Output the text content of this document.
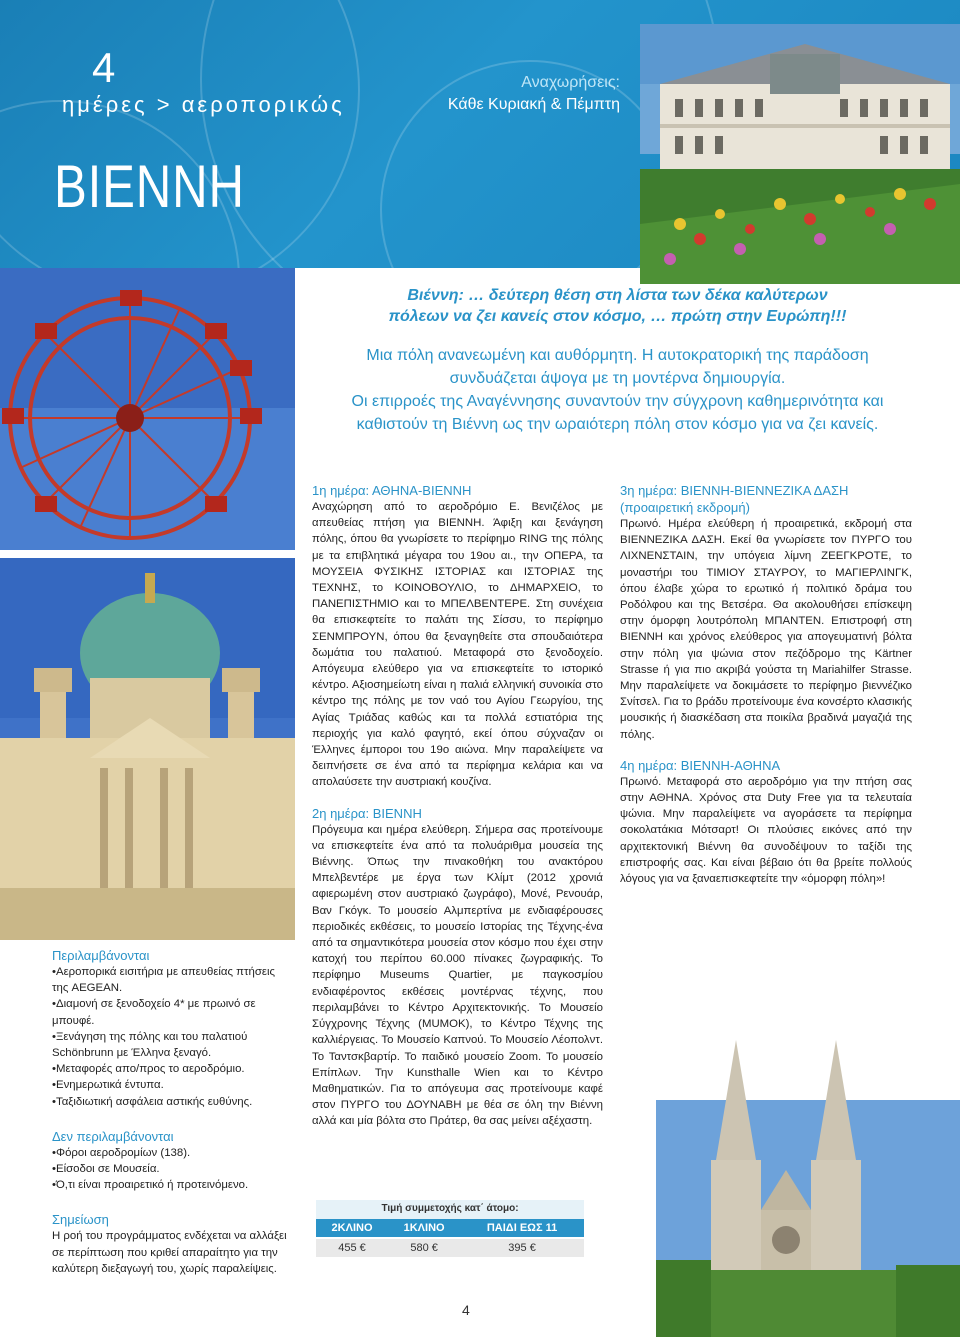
4
ημέρες > αεροπορικώς
Αναχωρήσεις:
Κάθε Κυριακή & Πέμπτη
ΒΙΕΝΝΗ
Βιέννη: … δεύτερη θέση στη λίστα των δέκα καλύτερων
πόλεων να ζει κανείς στον κόσμο, … πρώτη στην Ευρώπη!!!
Μια πόλη ανανεωμένη και αυθόρμητη. Η αυτοκρατορική της παράδοση
συνδυάζεται άψογα με τη μοντέρνα δημιουργία.
Οι επιρροές της Αναγέννησης συναντούν την σύγχρονη καθημερινότητα και
καθιστούν τη Βιέννη ως την ωραιότερη πόλη στον κόσμο για να ζει κανείς.
1η ημέρα: ΑΘΗΝΑ-ΒΙΕΝΝΗ

Αναχώρηση από το αεροδρόμιο Ε. Βενιζέλος με απευθείας πτήση για ΒΙΕΝΝΗ. Άφιξη και ξενάγηση πόλης, όπου θα γνωρίσετε το περίφημο RING της πόλης με τα επιβλητικά μέγαρα του 19ου αι., την ΟΠΕΡΑ, τα ΜΟΥΣΕΙΑ ΦΥΣΙΚΗΣ ΙΣΤΟΡΙΑΣ και ΙΣΤΟΡΙΑΣ της ΤΕΧΝΗΣ, το ΚΟΙΝΟΒΟΥΛΙΟ, το ΔΗΜΑΡΧΕΙΟ, το ΠΑΝΕΠΙΣΤΗΜΙΟ και το ΜΠΕΛΒΕΝΤΕΡΕ. Στη συνέχεια θα επισκεφτείτε το παλάτι της Σίσσυ, το περίφημο ΣΕΝΜΠΡΟΥΝ, όπου θα ξεναγηθείτε στα σπουδαιότερα δωμάτια του παλατιού. Μεταφορά στο ξενοδοχείο. Απόγευμα ελεύθερο για να επισκεφτείτε το ιστορικό κέντρο. Αξιοσημείωτη είναι η παλιά ελληνική συνοικία στο κέντρο της πόλης με τον ναό του Αγίου Γεωργίου, της Αγίας Τριάδας καθώς και τα πολλά εστιατόρια της περιοχής για καλό φαγητό, εκεί όπου σύχναζαν οι Έλληνες έμποροι του 19ο αιώνα. Μην παραλείψετε να δειπνήσετε σε ένα από τα περίφημα κελάρια και να απολαύσετε την αυστριακή κουζίνα.

2η ημέρα: ΒΙΕΝΝΗ

Πρόγευμα και ημέρα ελεύθερη. Σήμερα σας προτείνουμε να επισκεφτείτε ένα από τα πολυάριθμα μουσεία της Βιέννης. Όπως την πινακοθήκη του ανακτόρου Μπελβεντέρε με έργα των Κλίμτ (2012 χρονιά αφιερωμένη στον αυστριακό ζωγράφο), Μονέ, Ρενουάρ, Βαν Γκόγκ. Το μουσείο Αλμπερτίνα με ενδιαφέρουσες περιοδικές εκθέσεις, το μουσείο Ιστορίας της Τέχνης-ένα από τα σημαντικότερα μουσεία στον κόσμο που έχει στην κατοχή του περίπου 60.000 πίνακες ζωγραφικής. Το περίφημο Museums Quartier, με παγκοσμίου ενδιαφέροντος εκθέσεις μοντέρνας τέχνης, που περιλαμβάνει το Κέντρο Αρχιτεκτονικής. Το Μουσείο Σύγχρονης Τέχνης (MUMOK), το Κέντρο Τέχνης της καλλιέργειας. Το Μουσείο Καπνού. Το Μουσείο Λέοπολντ. Το Ταντσκβαρτίρ. Το παιδικό μουσείο Zoom. Το μουσείο Επίπλων. Την Kunsthalle Wien και το Κέντρο Μαθηματικών. Για το απόγευμα σας προτείνουμε καφέ στον ΠΥΡΓΟ του ΔΟΥΝΑΒΗ με θέα σε όλη την Βιέννη αλλά και μία βόλτα στο Πράτερ, θα σας μείνει αξέχαστη.

3η ημέρα: ΒΙΕΝΝΗ-ΒΙΕΝΝΕΖΙΚΑ ΔΑΣΗ
(προαιρετική εκδρομή)

Πρωινό. Ημέρα ελεύθερη ή προαιρετικά, εκδρομή στα ΒΙΕΝΝΕΖΙΚΑ ΔΑΣΗ. Εκεί θα γνωρίσετε τον ΠΥΡΓΟ του ΛΙΧΝΕΝΣΤΑΙΝ, την υπόγεια λίμνη ΖΕΕΓΚΡΟΤΕ, το μοναστήρι του ΤΙΜΙΟΥ ΣΤΑΥΡΟΥ, το ΜΑΓΙΕΡΛΙΝΓΚ, όπου έλαβε χώρα το ερωτικό ή πολιτικό δράμα του Ροδόλφου και της Βετσέρα. Θα ακολουθήσει επίσκεψη στην όμορφη λουτρόπολη ΜΠΑΝΤΕΝ. Επιστροφή στη ΒΙΕΝΝΗ και χρόνος ελεύθερος για απογευματινή βόλτα στην πόλη για ψώνια στον πεζόδρομο της Kärtner Strasse ή για πιο ακριβά γούστα τη Mariahilfer Strasse. Μην παραλείψετε να δοκιμάσετε το περίφημο βιεννέζικο Σνίτσελ. Για το βράδυ προτείνουμε ένα κονσέρτο κλασικής μουσικής ή διασκέδαση στα ποικίλα βραδινά μαγαζιά της πόλης.

4η ημέρα: ΒΙΕΝΝΗ-ΑΘΗΝΑ

Πρωινό. Μεταφορά στο αεροδρόμιο για την πτήση σας στην ΑΘΗΝΑ. Χρόνος στα Duty Free για τα τελευταία ψώνια. Μην παραλείψετε να αγοράσετε τα περίφημα σοκολατάκια Μότσαρτ! Οι πλούσιες εικόνες από την αρχιτεκτονική Βιέννη θα συνοδέψουν το ταξίδι της επιστροφής σας. Και είναι βέβαιο ότι θα βρείτε πολλούς λόγους για να ξαναεπισκεφτείτε την «όμορφη πόλη»!

Περιλαμβάνονται
•Αεροπορικά εισιτήρια με απευθείας πτήσεις της AEGEAN.
•Διαμονή σε ξενοδοχείο 4* με πρωινό σε μπουφέ.
•Ξενάγηση της πόλης και του παλατιού Schönbrunn με Έλληνα ξεναγό.
•Μεταφορές απο/προς το αεροδρόμιο.
•Ενημερωτικά έντυπα.
•Ταξιδιωτική ασφάλεια αστικής ευθύνης.
Δεν περιλαμβάνονται
•Φόροι αεροδρομίων (138).
•Είσοδοι σε Μουσεία.
•Ό,τι είναι προαιρετικό ή προτεινόμενο.
Σημείωση
Η ροή του προγράμματος ενδέχεται να αλλάξει σε περίπτωση που κριθεί απαραίτητο για την καλύτερη διεξαγωγή του, χωρίς παραλείψεις.
Τιμή συμμετοχής κατ΄ άτομο:
2ΚΛΙΝΟ	1ΚΛΙΝΟ	ΠΑΙΔΙ ΕΩΣ 11
455 €	580 €	395 €
4
